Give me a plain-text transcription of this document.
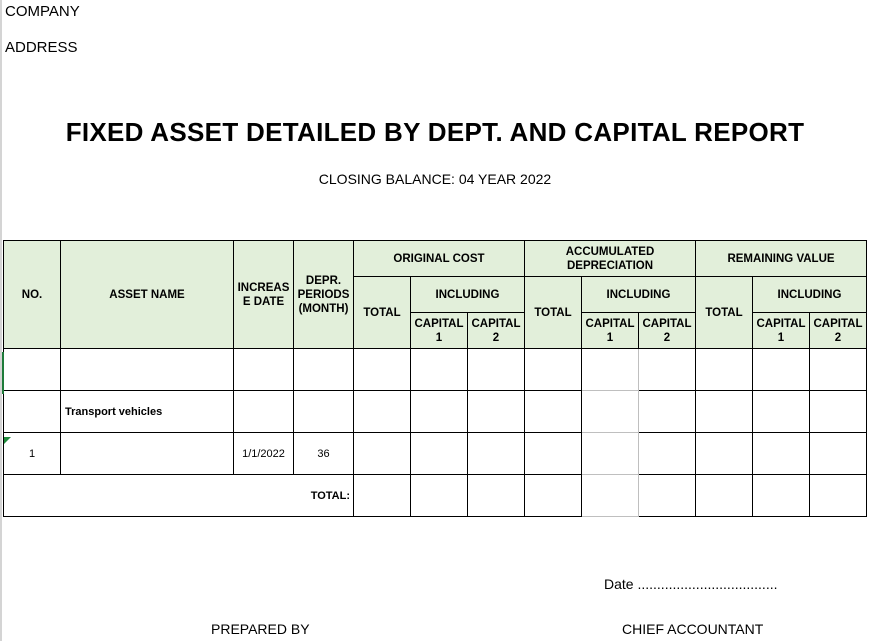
COMPANY
ADDRESS
FIXED ASSET DETAILED BY DEPT. AND CAPITAL REPORT
CLOSING BALANCE: 04 YEAR 2022
NO.	ASSET NAME	INCREAS E DATE	DEPR. PERIODS (MONTH)	ORIGINAL COST			ACCUMULATED DEPRECIATION			REMAINING VALUE		
				TOTAL	INCLUDING		TOTAL	INCLUDING		TOTAL	INCLUDING	
					CAPITAL 1	CAPITAL 2		CAPITAL 1	CAPITAL 2		CAPITAL 1	CAPITAL 2

	Transport vehicles											
1		1/1/2022	36									
TOTAL:												
Date ....................................
PREPARED BY	CHIEF ACCOUNTANT
